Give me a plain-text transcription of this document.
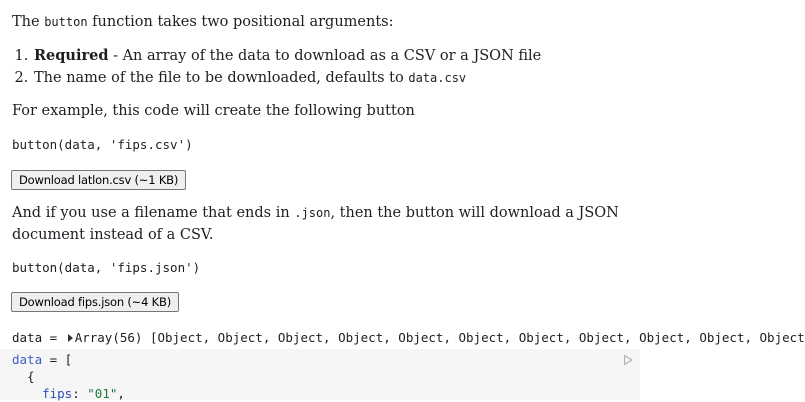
The button function takes two positional arguments:
1. Required - An array of the data to download as a CSV or a JSON file
2. The name of the file to be downloaded, defaults to data.csv
For example, this code will create the following button
button(data, 'fips.csv')
Download latlon.csv (~1 KB)
And if you use a filename that ends in .json, then the button will download a JSON
document instead of a CSV.
button(data, 'fips.json')
Download fips.json (~4 KB)
data = Array(56) [Object, Object, Object, Object, Object, Object, Object, Object, Object, Object, Object
data = [
{
fips: "01",
